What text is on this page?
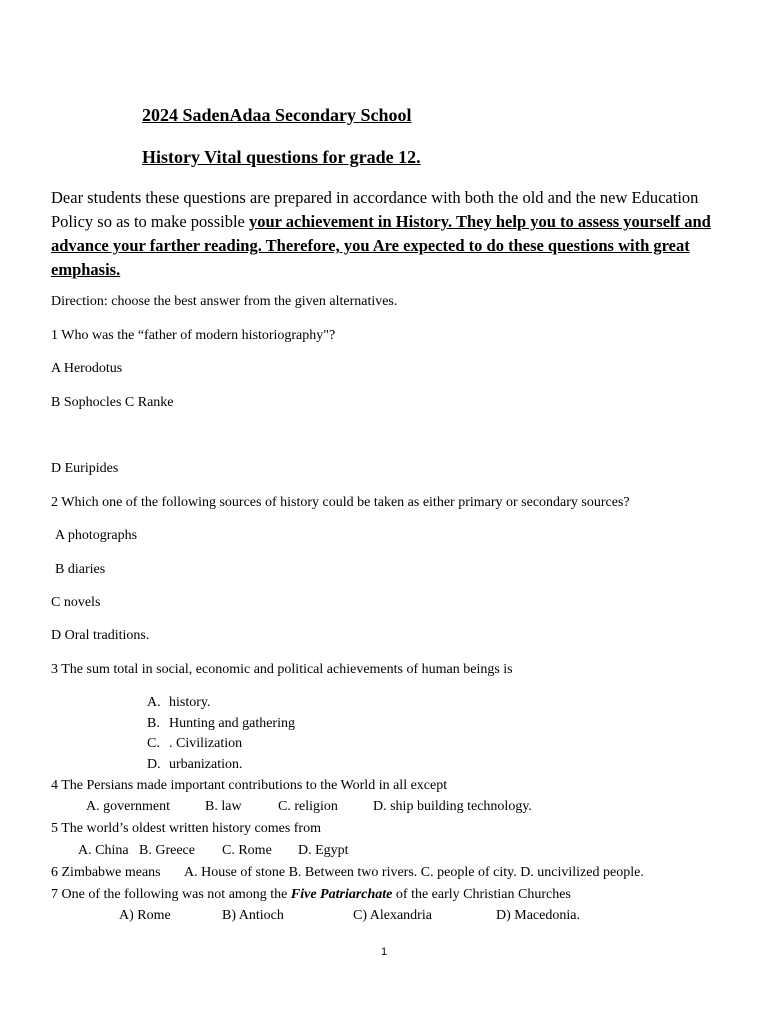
2024 SadenAdaa Secondary School
History Vital questions for grade 12.
Dear students these questions are prepared in accordance with both the old and the new Education Policy so as to make possible your achievement in History. They help you to assess yourself and advance your farther reading. Therefore, you Are expected to do these questions with great emphasis.
Direction: choose the best answer from the given alternatives.
1 Who was the “father of modern historiography"?
A Herodotus
B Sophocles C Ranke
D Euripides
2 Which one of the following sources of history could be taken as either primary or secondary sources?
A photographs
B diaries
C novels
D Oral traditions.
3 The sum total in social, economic and political achievements of human beings is
A. history.
B. Hunting and gathering
C. . Civilization
D. urbanization.
4 The Persians made important contributions to the World in all except
A. government	B. law	C. religion	D. ship building technology.
5 The world’s oldest written history comes from
A. China B. Greece C. Rome D. Egypt
6 Zimbabwe means A. House of stone B. Between two rivers. C. people of city. D. uncivilized people.
7 One of the following was not among the Five Patriarchate of the early Christian Churches
A) Rome	B) Antioch	C) Alexandria	D) Macedonia.
1
